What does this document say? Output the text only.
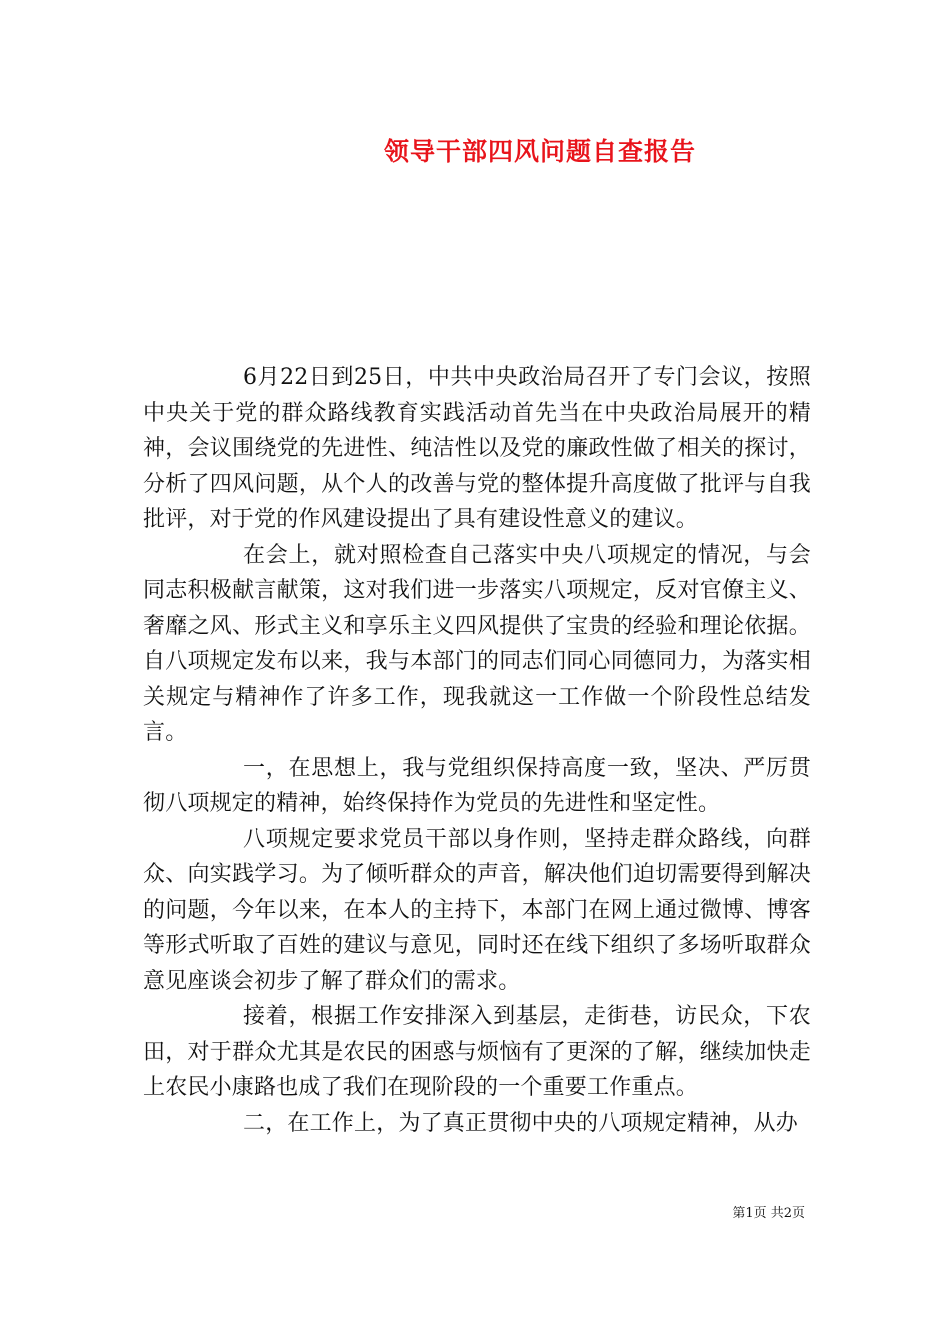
领导干部四风问题自查报告

6月22日到25日，中共中央政治局召开了专门会议，按照中央关于党的群众路线教育实践活动首先当在中央政治局展开的精神，会议围绕党的先进性、纯洁性以及党的廉政性做了相关的探讨，分析了四风问题，从个人的改善与党的整体提升高度做了批评与自我批评，对于党的作风建设提出了具有建设性意义的建议。

在会上，就对照检查自己落实中央八项规定的情况，与会同志积极献言献策，这对我们进一步落实八项规定，反对官僚主义、奢靡之风、形式主义和享乐主义四风提供了宝贵的经验和理论依据。自八项规定发布以来，我与本部门的同志们同心同德同力，为落实相关规定与精神作了许多工作，现我就这一工作做一个阶段性总结发言。

一，在思想上，我与党组织保持高度一致，坚决、严厉贯彻八项规定的精神，始终保持作为党员的先进性和坚定性。

八项规定要求党员干部以身作则，坚持走群众路线，向群众、向实践学习。为了倾听群众的声音，解决他们迫切需要得到解决的问题，今年以来，在本人的主持下，本部门在网上通过微博、博客等形式听取了百姓的建议与意见，同时还在线下组织了多场听取群众意见座谈会初步了解了群众们的需求。

接着，根据工作安排深入到基层，走街巷，访民众，下农田，对于群众尤其是农民的困惑与烦恼有了更深的了解，继续加快走上农民小康路也成了我们在现阶段的一个重要工作重点。

二，在工作上，为了真正贯彻中央的八项规定精神，从办

第1页 共2页
